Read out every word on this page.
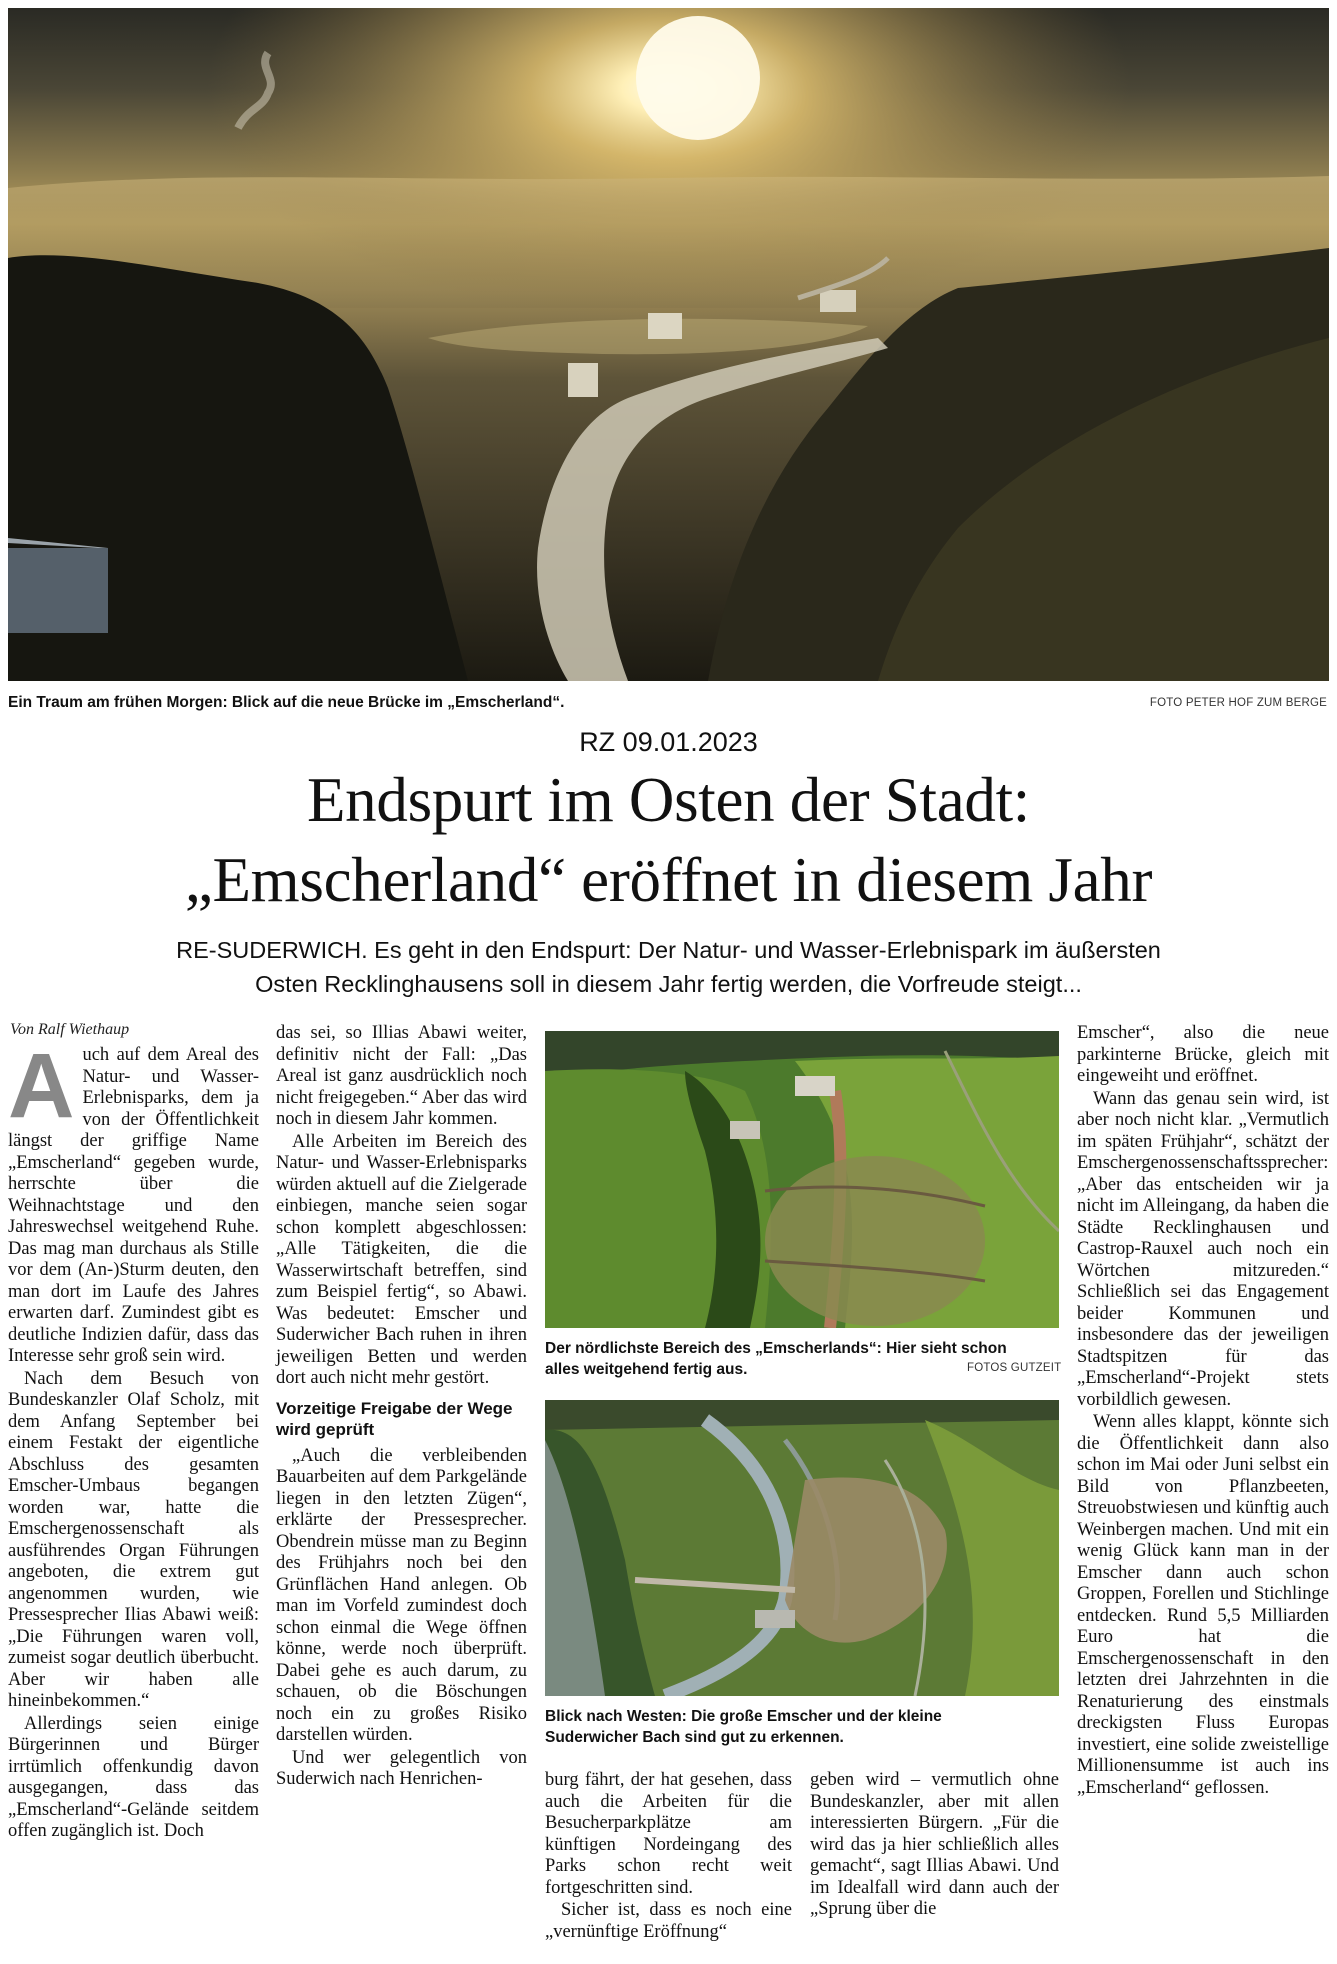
Ein Traum am frühen Morgen: Blick auf die neue Brücke im „Emscherland“.	FOTO PETER HOF ZUM BERGE
RZ 09.01.2023
Endspurt im Osten der Stadt:
„Emscherland“ eröffnet in diesem Jahr
RE-SUDERWICH. Es geht in den Endspurt: Der Natur- und Wasser-Erlebnispark im äußersten
Osten Recklinghausens soll in diesem Jahr fertig werden, die Vorfreude steigt...
Von Ralf Wiethaup

A uch auf dem Areal des Natur- und Wasser-Erlebnisparks, dem ja von der Öffentlichkeit längst der griffige Name „Emscherland“ gegeben wurde, herrschte über die Weihnachtstage und den Jahreswechsel weitgehend Ruhe. Das mag man durchaus als Stille vor dem (An-)Sturm deuten, den man dort im Laufe des Jahres erwarten darf. Zumindest gibt es deutliche Indizien dafür, dass das Interesse sehr groß sein wird.

Nach dem Besuch von Bundeskanzler Olaf Scholz, mit dem Anfang September bei einem Festakt der eigentliche Abschluss des gesamten Emscher-Umbaus begangen worden war, hatte die Emschergenossenschaft als ausführendes Organ Führungen angeboten, die extrem gut angenommen wurden, wie Pressesprecher Ilias Abawi weiß: „Die Führungen waren voll, zumeist sogar deutlich überbucht. Aber wir haben alle hineinbekommen.“

Allerdings seien einige Bürgerinnen und Bürger irrtümlich offenkundig davon ausgegangen, dass das „Emscherland“-Gelände seitdem offen zugänglich ist. Doch

das sei, so Illias Abawi weiter, definitiv nicht der Fall: „Das Areal ist ganz ausdrücklich noch nicht freigegeben.“ Aber das wird noch in diesem Jahr kommen.

Alle Arbeiten im Bereich des Natur- und Wasser-Erlebnisparks würden aktuell auf die Zielgerade einbiegen, manche seien sogar schon komplett abgeschlossen: „Alle Tätigkeiten, die die Wasserwirtschaft betreffen, sind zum Beispiel fertig“, so Abawi. Was bedeutet: Emscher und Suderwicher Bach ruhen in ihren jeweiligen Betten und werden dort auch nicht mehr gestört.

Vorzeitige Freigabe der Wege wird geprüft

„Auch die verbleibenden Bauarbeiten auf dem Parkgelände liegen in den letzten Zügen“, erklärte der Pressesprecher. Obendrein müsse man zu Beginn des Frühjahrs noch bei den Grünflächen Hand anlegen. Ob man im Vorfeld zumindest doch schon einmal die Wege öffnen könne, werde noch überprüft. Dabei gehe es auch darum, zu schauen, ob die Böschungen noch ein zu großes Risiko darstellen würden.

Und wer gelegentlich von Suderwich nach Henrichen-

Der nördlichste Bereich des „Emscherlands“: Hier sieht schon alles weitgehend fertig aus.	FOTOS GUTZEIT
Blick nach Westen: Die große Emscher und der kleine Suderwicher Bach sind gut zu erkennen.

burg fährt, der hat gesehen, dass auch die Arbeiten für die Besucherparkplätze am künftigen Nordeingang des Parks schon recht weit fortgeschritten sind.

Sicher ist, dass es noch eine „vernünftige Eröffnung“

geben wird – vermutlich ohne Bundeskanzler, aber mit allen interessierten Bürgern. „Für die wird das ja hier schließlich alles gemacht“, sagt Illias Abawi. Und im Idealfall wird dann auch der „Sprung über die

Emscher“, also die neue parkinterne Brücke, gleich mit eingeweiht und eröffnet.

Wann das genau sein wird, ist aber noch nicht klar. „Vermutlich im späten Frühjahr“, schätzt der Emschergenossenschaftssprecher: „Aber das entscheiden wir ja nicht im Alleingang, da haben die Städte Recklinghausen und Castrop-Rauxel auch noch ein Wörtchen mitzureden.“ Schließlich sei das Engagement beider Kommunen und insbesondere das der jeweiligen Stadtspitzen für das „Emscherland“-Projekt stets vorbildlich gewesen.

Wenn alles klappt, könnte sich die Öffentlichkeit dann also schon im Mai oder Juni selbst ein Bild von Pflanzbeeten, Streuobstwiesen und künftig auch Weinbergen machen. Und mit ein wenig Glück kann man in der Emscher dann auch schon Groppen, Forellen und Stichlinge entdecken. Rund 5,5 Milliarden Euro hat die Emschergenossenschaft in den letzten drei Jahrzehnten in die Renaturierung des einstmals dreckigsten Fluss Europas investiert, eine solide zweistellige Millionensumme ist auch ins „Emscherland“ geflossen.
